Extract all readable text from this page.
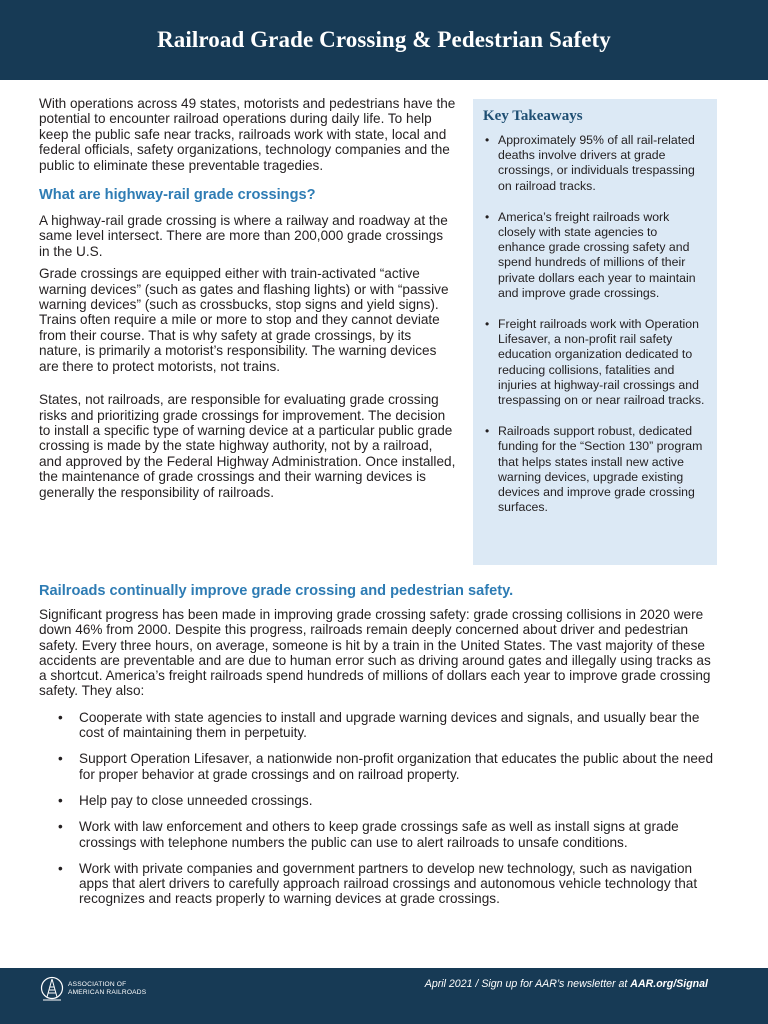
Railroad Grade Crossing & Pedestrian Safety

With operations across 49 states, motorists and pedestrians have the potential to encounter railroad operations during daily life. To help keep the public safe near tracks, railroads work with state, local and federal officials, safety organizations, technology companies and the public to eliminate these preventable tragedies.

What are highway-rail grade crossings?

A highway-rail grade crossing is where a railway and roadway at the same level intersect. There are more than 200,000 grade crossings in the U.S.

Grade crossings are equipped either with train-activated “active warning devices” (such as gates and flashing lights) or with “passive warning devices” (such as crossbucks, stop signs and yield signs). Trains often require a mile or more to stop and they cannot deviate from their course. That is why safety at grade crossings, by its nature, is primarily a motorist’s responsibility. The warning devices are there to protect motorists, not trains.

States, not railroads, are responsible for evaluating grade crossing risks and prioritizing grade crossings for improvement. The decision to install a specific type of warning device at a particular public grade crossing is made by the state highway authority, not by a railroad, and approved by the Federal Highway Administration. Once installed, the maintenance of grade crossings and their warning devices is generally the responsibility of railroads.

Key Takeaways
• Approximately 95% of all rail-related deaths involve drivers at grade crossings, or individuals trespassing on railroad tracks.
• America’s freight railroads work closely with state agencies to enhance grade crossing safety and spend hundreds of millions of their private dollars each year to maintain and improve grade crossings.
• Freight railroads work with Operation Lifesaver, a non-profit rail safety education organization dedicated to reducing collisions, fatalities and injuries at highway-rail crossings and trespassing on or near railroad tracks.
• Railroads support robust, dedicated funding for the “Section 130” program that helps states install new active warning devices, upgrade existing devices and improve grade crossing surfaces.
Railroads continually improve grade crossing and pedestrian safety.

Significant progress has been made in improving grade crossing safety: grade crossing collisions in 2020 were down 46% from 2000. Despite this progress, railroads remain deeply concerned about driver and pedestrian safety. Every three hours, on average, someone is hit by a train in the United States. The vast majority of these accidents are preventable and are due to human error such as driving around gates and illegally using tracks as a shortcut. America’s freight railroads spend hundreds of millions of dollars each year to improve grade crossing safety. They also:

• Cooperate with state agencies to install and upgrade warning devices and signals, and usually bear the cost of maintaining them in perpetuity.
• Support Operation Lifesaver, a nationwide non-profit organization that educates the public about the need for proper behavior at grade crossings and on railroad property.
• Help pay to close unneeded crossings.
• Work with law enforcement and others to keep grade crossings safe as well as install signs at grade crossings with telephone numbers the public can use to alert railroads to unsafe conditions.
• Work with private companies and government partners to develop new technology, such as navigation apps that alert drivers to carefully approach railroad crossings and autonomous vehicle technology that recognizes and reacts properly to warning devices at grade crossings.
ASSOCIATION OF
AMERICAN RAILROADS
April 2021 / Sign up for AAR’s newsletter at AAR.org/Signal
